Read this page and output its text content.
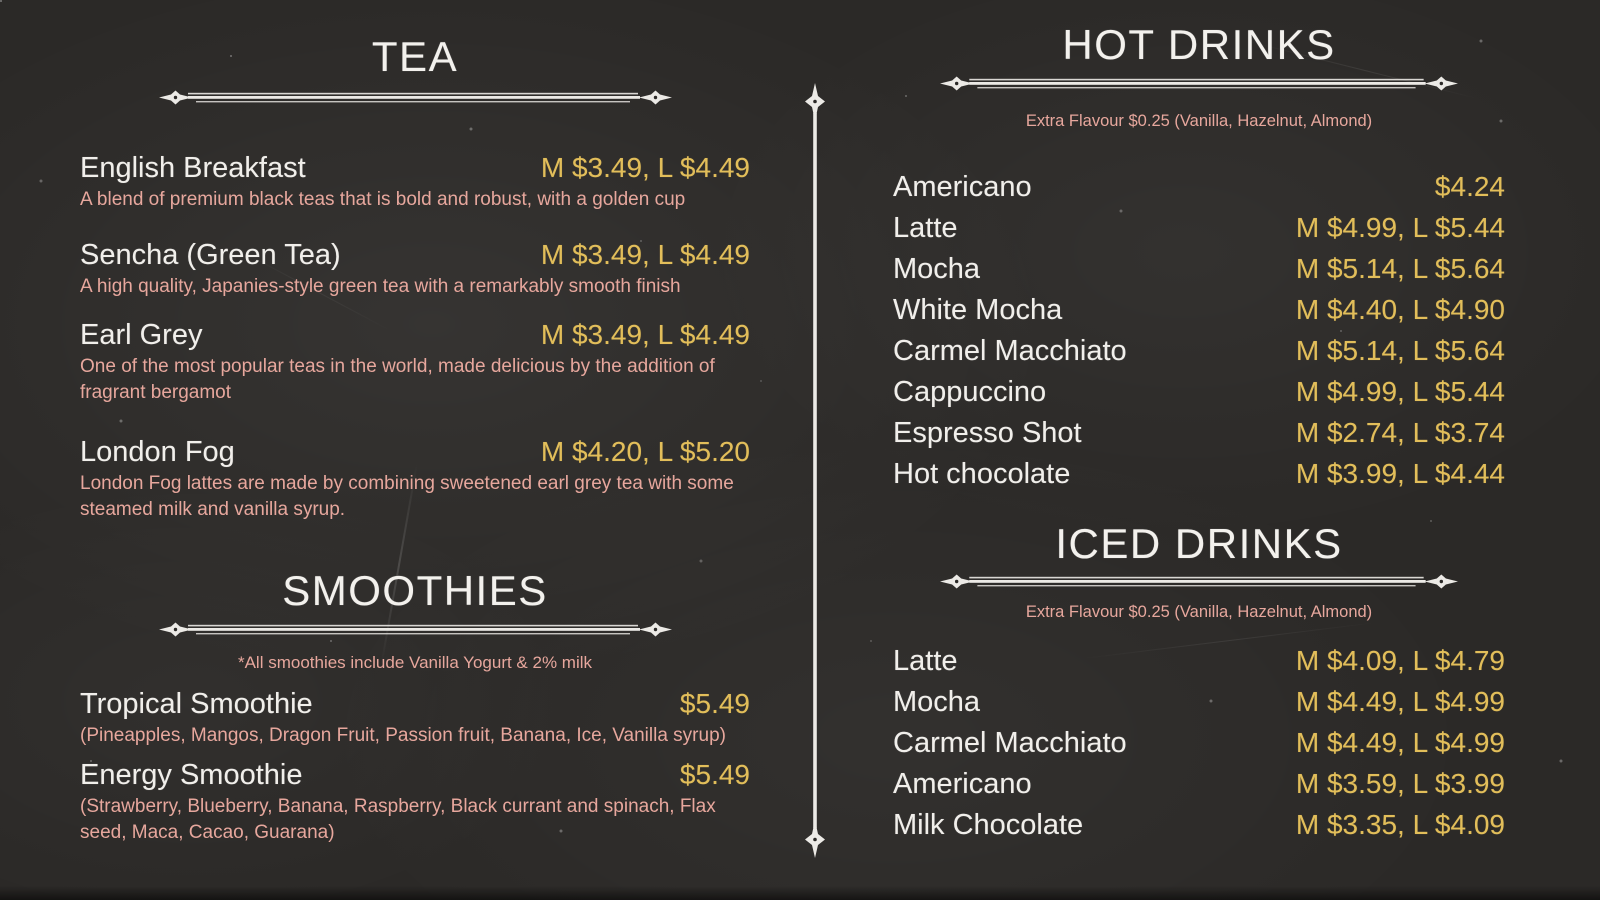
TEA
English Breakfast	M $3.49, L $4.49
A blend of premium black teas that is bold and robust, with a golden cup
Sencha (Green Tea)	M $3.49, L $4.49
A high quality, Japanies-style green tea with a remarkably smooth finish
Earl Grey	M $3.49, L $4.49
One of the most popular teas in the world, made delicious by the addition of fragrant bergamot
London Fog	M $4.20, L $5.20
London Fog lattes are made by combining sweetened earl grey tea with some steamed milk and vanilla syrup.
SMOOTHIES
*All smoothies include Vanilla Yogurt & 2% milk
Tropical Smoothie	$5.49
(Pineapples, Mangos, Dragon Fruit, Passion fruit, Banana, Ice, Vanilla syrup)
Energy Smoothie	$5.49
(Strawberry, Blueberry, Banana, Raspberry, Black currant and spinach, Flax seed, Maca, Cacao, Guarana)
HOT DRINKS
Extra Flavour $0.25 (Vanilla, Hazelnut, Almond)
Americano	$4.24
Latte	M $4.99, L $5.44
Mocha	M $5.14, L $5.64
White Mocha	M $4.40, L $4.90
Carmel Macchiato	M $5.14, L $5.64
Cappuccino	M $4.99, L $5.44
Espresso Shot	M $2.74, L $3.74
Hot chocolate	M $3.99, L $4.44
ICED DRINKS
Extra Flavour $0.25 (Vanilla, Hazelnut, Almond)
Latte	M $4.09, L $4.79
Mocha	M $4.49, L $4.99
Carmel Macchiato	M $4.49, L $4.99
Americano	M $3.59, L $3.99
Milk Chocolate	M $3.35, L $4.09
